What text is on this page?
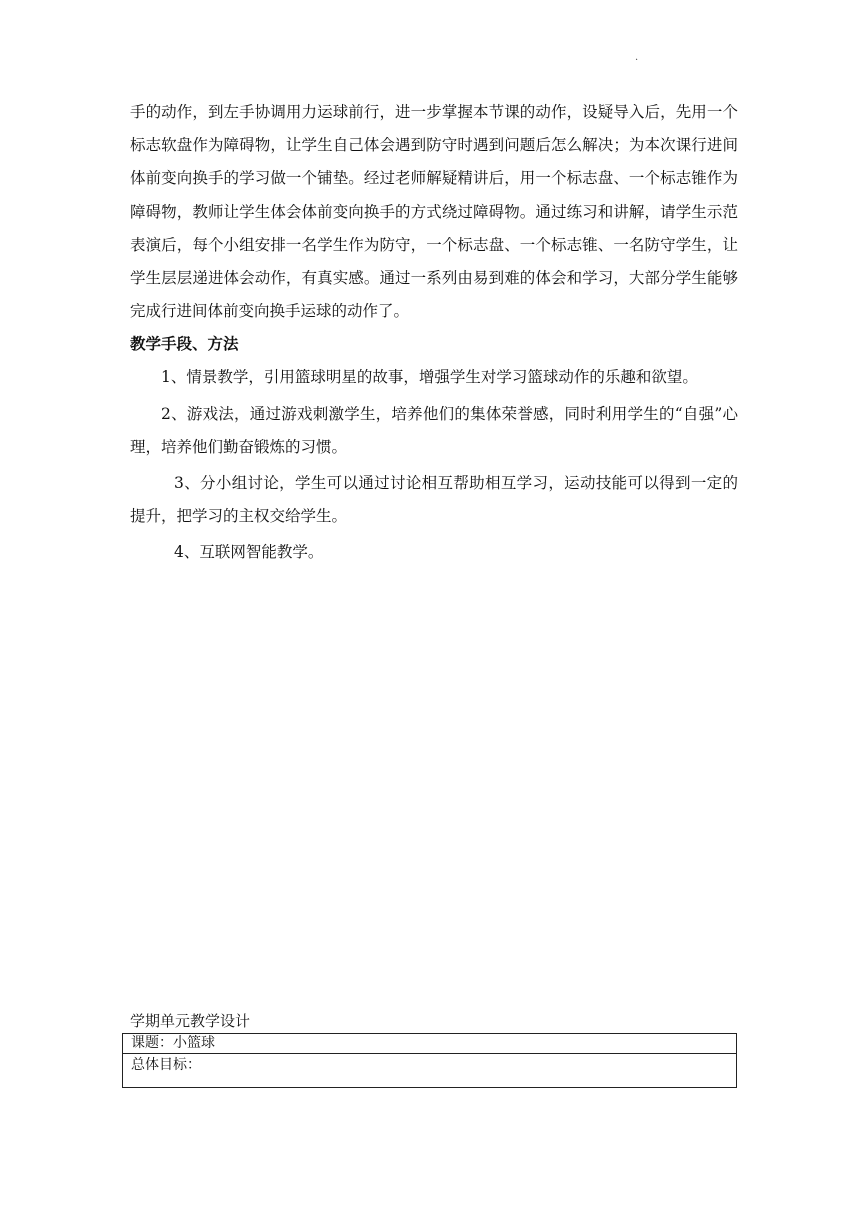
·

手的动作，到左手协调用力运球前行，进一步掌握本节课的动作，设疑导入后，先用一个标志软盘作为障碍物，让学生自己体会遇到防守时遇到问题后怎么解决；为本次课行进间体前变向换手的学习做一个铺垫。经过老师解疑精讲后，用一个标志盘、一个标志锥作为障碍物，教师让学生体会体前变向换手的方式绕过障碍物。通过练习和讲解，请学生示范表演后，每个小组安排一名学生作为防守，一个标志盘、一个标志锥、一名防守学生，让学生层层递进体会动作，有真实感。通过一系列由易到难的体会和学习，大部分学生能够完成行进间体前变向换手运球的动作了。

教学手段、方法

1、情景教学，引用篮球明星的故事，增强学生对学习篮球动作的乐趣和欲望。

2、游戏法，通过游戏刺激学生，培养他们的集体荣誉感，同时利用学生的“自强”心理，培养他们勤奋锻炼的习惯。

3、分小组讨论，学生可以通过讨论相互帮助相互学习，运动技能可以得到一定的提升，把学习的主权交给学生。

4、互联网智能教学。

学期单元教学设计
课题：小篮球
总体目标：
